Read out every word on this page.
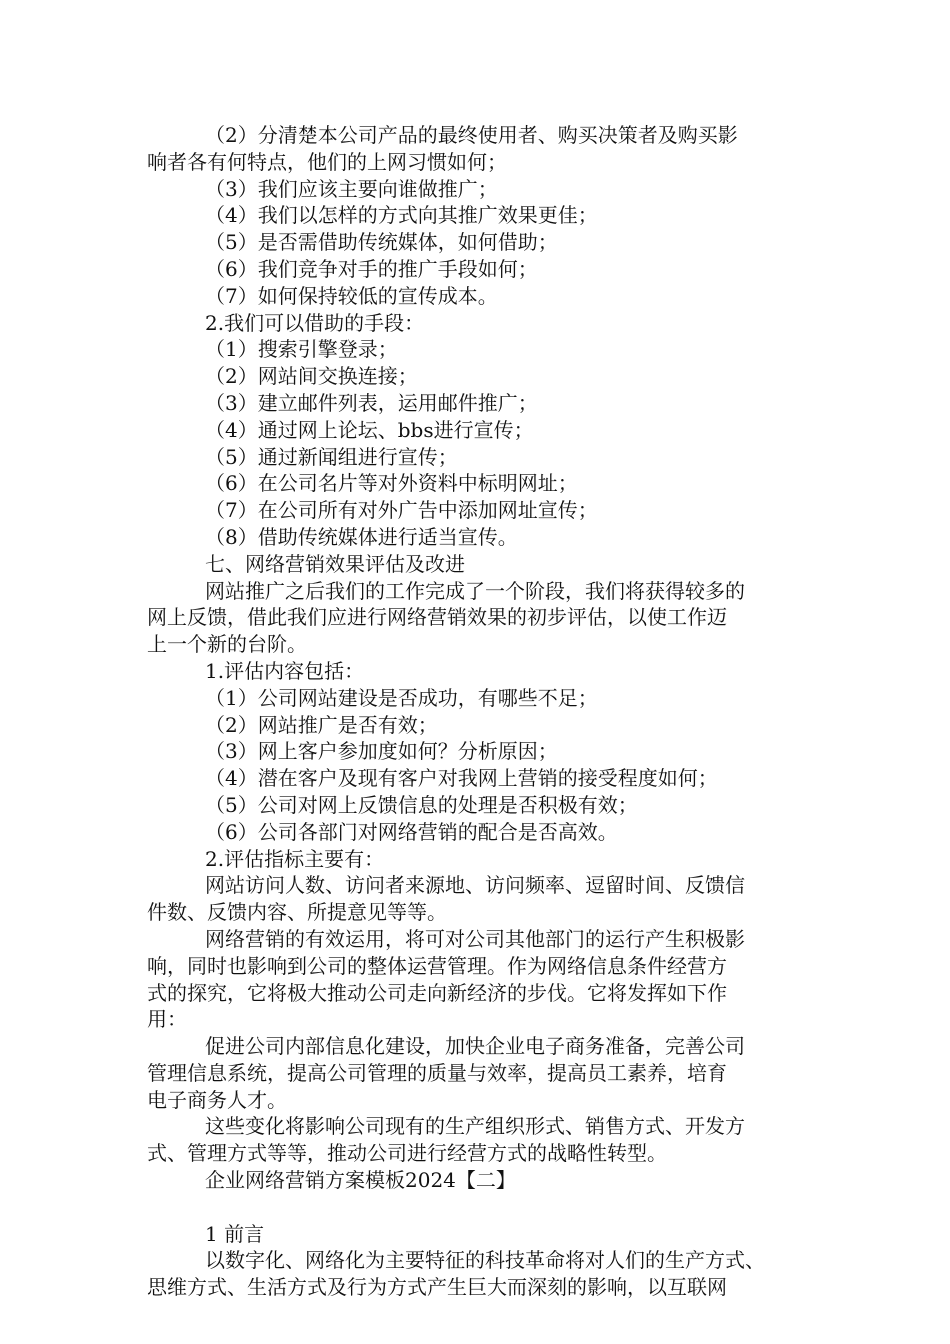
（2）分清楚本公司产品的最终使用者、购买决策者及购买影
响者各有何特点，他们的上网习惯如何；
（3）我们应该主要向谁做推广；
（4）我们以怎样的方式向其推广效果更佳；
（5）是否需借助传统媒体，如何借助；
（6）我们竞争对手的推广手段如何；
（7）如何保持较低的宣传成本。
2.我们可以借助的手段：
（1）搜索引擎登录；
（2）网站间交换连接；
（3）建立邮件列表，运用邮件推广；
（4）通过网上论坛、bbs进行宣传；
（5）通过新闻组进行宣传；
（6）在公司名片等对外资料中标明网址；
（7）在公司所有对外广告中添加网址宣传；
（8）借助传统媒体进行适当宣传。
七、网络营销效果评估及改进
网站推广之后我们的工作完成了一个阶段，我们将获得较多的
网上反馈，借此我们应进行网络营销效果的初步评估，以使工作迈
上一个新的台阶。
1.评估内容包括：
（1）公司网站建设是否成功，有哪些不足；
（2）网站推广是否有效；
（3）网上客户参加度如何？分析原因；
（4）潜在客户及现有客户对我网上营销的接受程度如何；
（5）公司对网上反馈信息的处理是否积极有效；
（6）公司各部门对网络营销的配合是否高效。
2.评估指标主要有：
网站访问人数、访问者来源地、访问频率、逗留时间、反馈信
件数、反馈内容、所提意见等等。
网络营销的有效运用，将可对公司其他部门的运行产生积极影
响，同时也影响到公司的整体运营管理。作为网络信息条件经营方
式的探究，它将极大推动公司走向新经济的步伐。它将发挥如下作
用：
促进公司内部信息化建设，加快企业电子商务准备，完善公司
管理信息系统，提高公司管理的质量与效率，提高员工素养，培育
电子商务人才。
这些变化将影响公司现有的生产组织形式、销售方式、开发方
式、管理方式等等，推动公司进行经营方式的战略性转型。
企业网络营销方案模板2024【二】
1 前言
以数字化、网络化为主要特征的科技革命将对人们的生产方式、
思维方式、生活方式及行为方式产生巨大而深刻的影响，以互联网
